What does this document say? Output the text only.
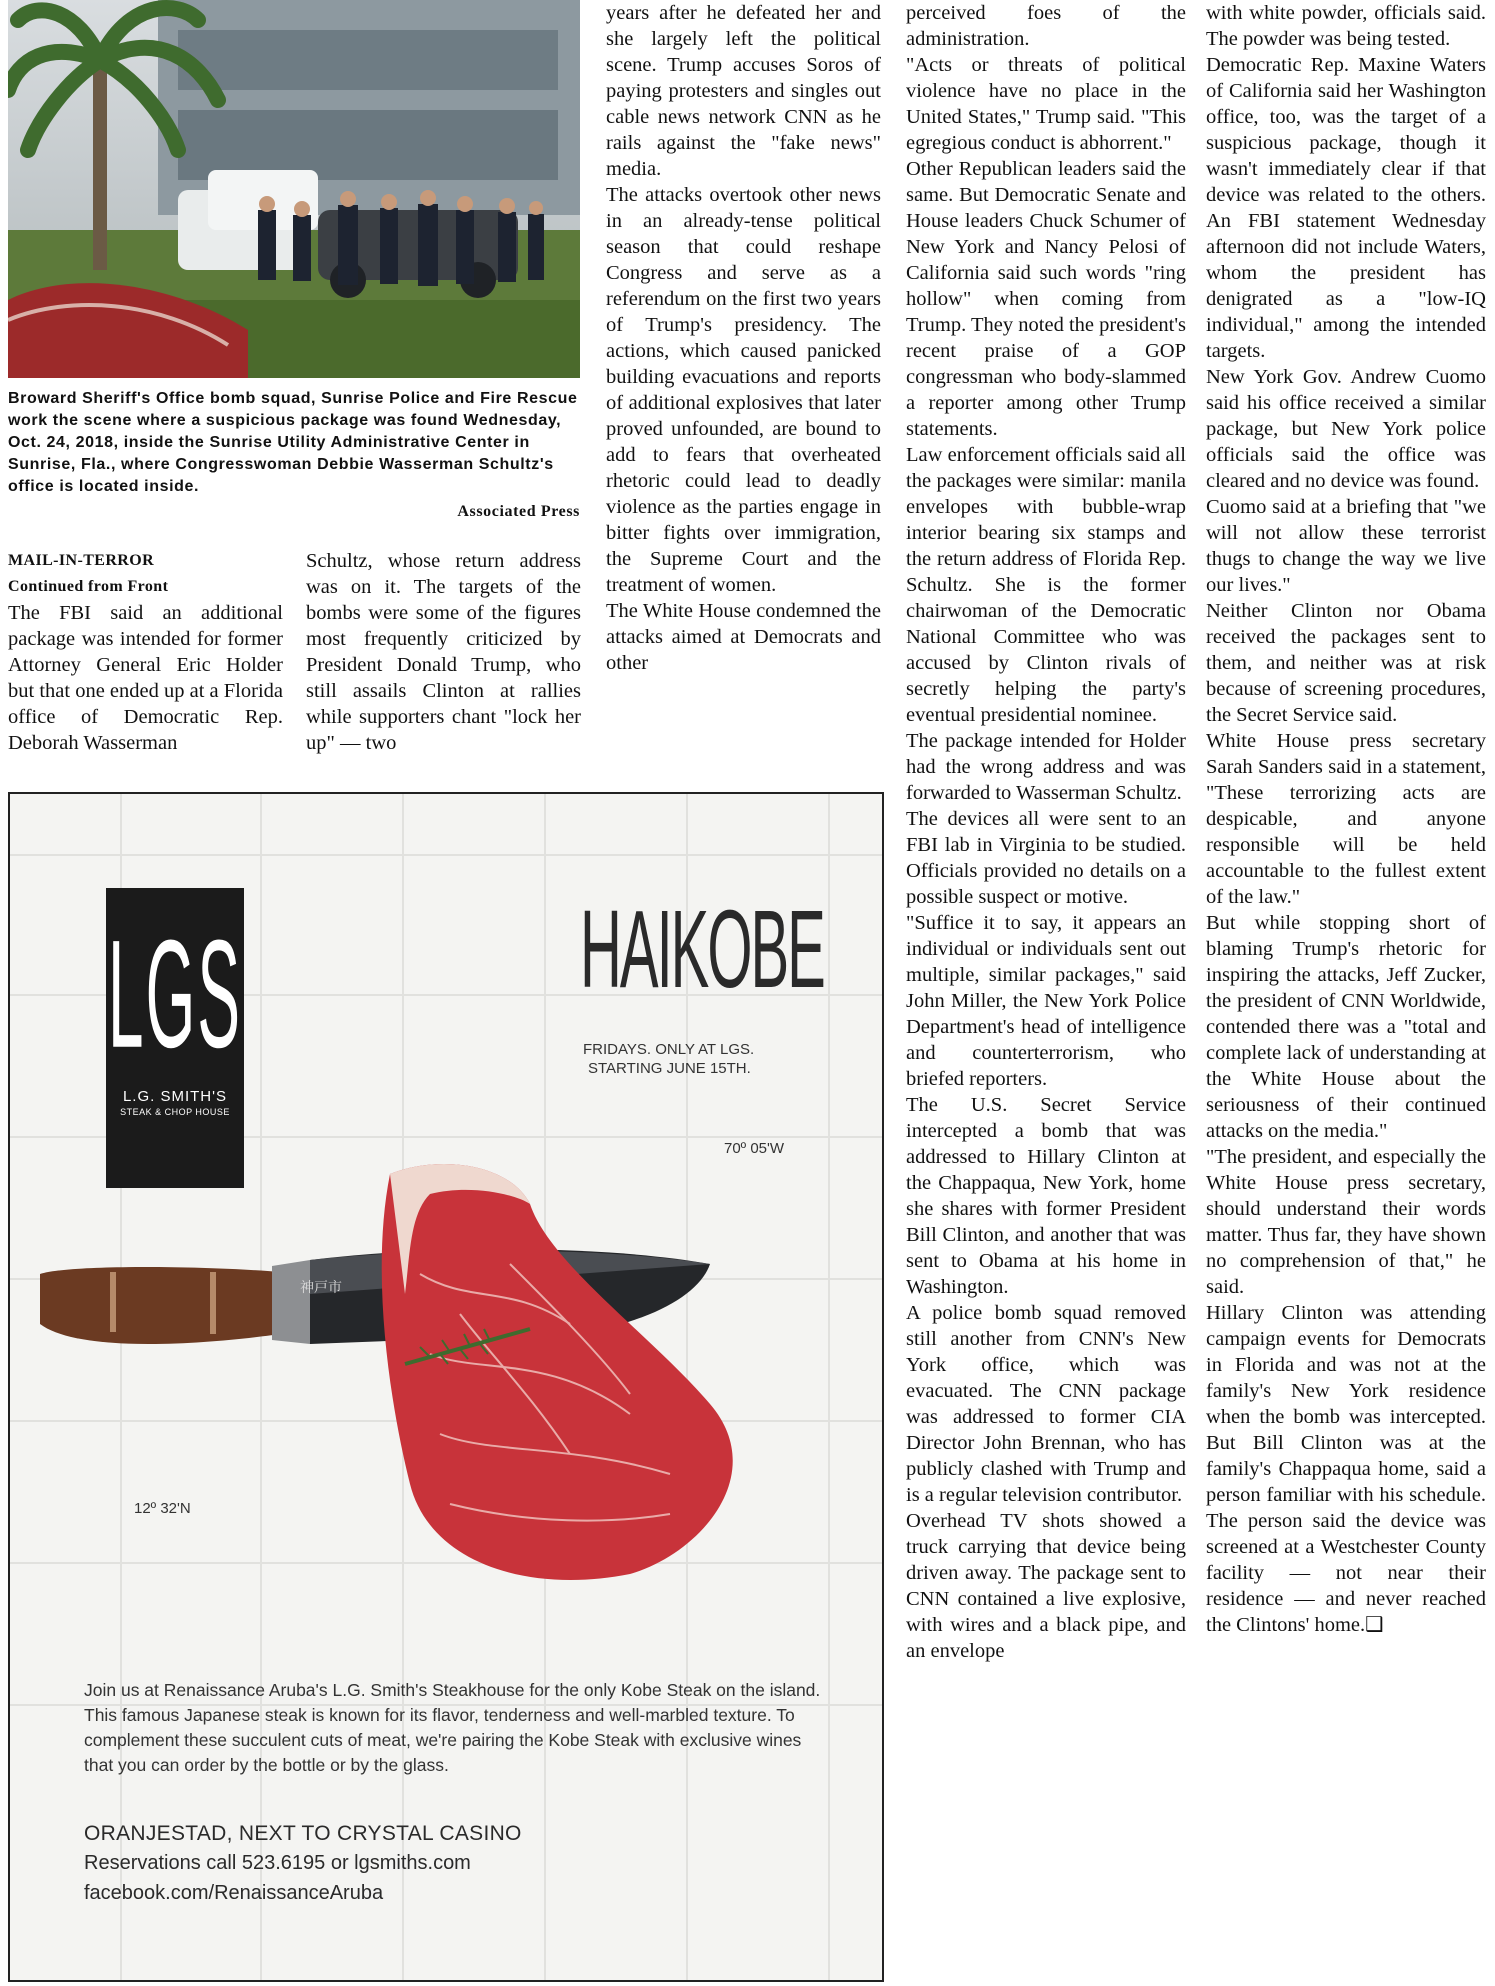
Broward Sheriff's Office bomb squad, Sunrise Police and Fire Rescue work the scene where a suspicious package was found Wednesday, Oct. 24, 2018, inside the Sunrise Utility Administrative Center in Sunrise, Fla., where Congresswoman Debbie Wasserman Schultz's office is located inside.
Associated Press
MAIL-IN-TERROR
Continued from Front

The FBI said an additional package was intended for former Attorney General Eric Holder but that one ended up at a Florida office of Democratic Rep. Deborah Wasserman

Schultz, whose return address was on it. The targets of the bombs were some of the figures most frequently criticized by President Donald Trump, who still assails Clinton at rallies while supporters chant "lock her up" — two

years after he defeated her and she largely left the political scene. Trump accuses Soros of paying protesters and singles out cable news network CNN as he rails against the "fake news" media.

The attacks overtook other news in an already-tense political season that could reshape Congress and serve as a referendum on the first two years of Trump's presidency. The actions, which caused panicked building evacuations and reports of additional explosives that later proved unfounded, are bound to add to fears that overheated rhetoric could lead to deadly violence as the parties engage in bitter fights over immigration, the Supreme Court and the treatment of women.

The White House condemned the attacks aimed at Democrats and other

perceived foes of the administration.

"Acts or threats of political violence have no place in the United States," Trump said. "This egregious conduct is abhorrent."

Other Republican leaders said the same. But Democratic Senate and House leaders Chuck Schumer of New York and Nancy Pelosi of California said such words "ring hollow" when coming from Trump. They noted the president's recent praise of a GOP congressman who body-slammed a reporter among other Trump statements.

Law enforcement officials said all the packages were similar: manila envelopes with bubble-wrap interior bearing six stamps and the return address of Florida Rep. Schultz. She is the former chairwoman of the Democratic National Committee who was accused by Clinton rivals of secretly helping the party's eventual presidential nominee.

The package intended for Holder had the wrong address and was forwarded to Wasserman Schultz.

The devices all were sent to an FBI lab in Virginia to be studied. Officials provided no details on a possible suspect or motive.

"Suffice it to say, it appears an individual or individuals sent out multiple, similar packages," said John Miller, the New York Police Department's head of intelligence and counterterrorism, who briefed reporters.

The U.S. Secret Service intercepted a bomb that was addressed to Hillary Clinton at the Chappaqua, New York, home she shares with former President Bill Clinton, and another that was sent to Obama at his home in Washington.

A police bomb squad removed still another from CNN's New York office, which was evacuated. The CNN package was addressed to former CIA Director John Brennan, who has publicly clashed with Trump and is a regular television contributor.

Overhead TV shots showed a truck carrying that device being driven away. The package sent to CNN contained a live explosive, with wires and a black pipe, and an envelope

with white powder, officials said. The powder was being tested.

Democratic Rep. Maxine Waters of California said her Washington office, too, was the target of a suspicious package, though it wasn't immediately clear if that device was related to the others. An FBI statement Wednesday afternoon did not include Waters, whom the president has denigrated as a "low-IQ individual," among the intended targets.

New York Gov. Andrew Cuomo said his office received a similar package, but New York police officials said the office was cleared and no device was found.

Cuomo said at a briefing that "we will not allow these terrorist thugs to change the way we live our lives."

Neither Clinton nor Obama received the packages sent to them, and neither was at risk because of screening procedures, the Secret Service said.

White House press secretary Sarah Sanders said in a statement, "These terrorizing acts are despicable, and anyone responsible will be held accountable to the fullest extent of the law."

But while stopping short of blaming Trump's rhetoric for inspiring the attacks, Jeff Zucker, the president of CNN Worldwide, contended there was a "total and complete lack of understanding at the White House about the seriousness of their continued attacks on the media."

"The president, and especially the White House press secretary, should understand their words matter. Thus far, they have shown no comprehension of that," he said.

Hillary Clinton was attending campaign events for Democrats in Florida and was not at the family's New York residence when the bomb was intercepted. But Bill Clinton was at the family's Chappaqua home, said a person familiar with his schedule. The person said the device was screened at a Westchester County facility — not near their residence — and never reached the Clintons' home.❑

LGS
L.G. SMITH'S
STEAK & CHOP HOUSE
HAIKOBE
FRIDAYS. ONLY AT LGS.
STARTING JUNE 15TH.
70º 05'W
12º 32'N
神戸市
Join us at Renaissance Aruba's L.G. Smith's Steakhouse for the only Kobe Steak on the island. This famous Japanese steak is known for its flavor, tenderness and well-marbled texture. To complement these succulent cuts of meat, we're pairing the Kobe Steak with exclusive wines that you can order by the bottle or by the glass.
ORANJESTAD, NEXT TO CRYSTAL CASINO
Reservations call 523.6195 or lgsmiths.com
facebook.com/RenaissanceAruba
